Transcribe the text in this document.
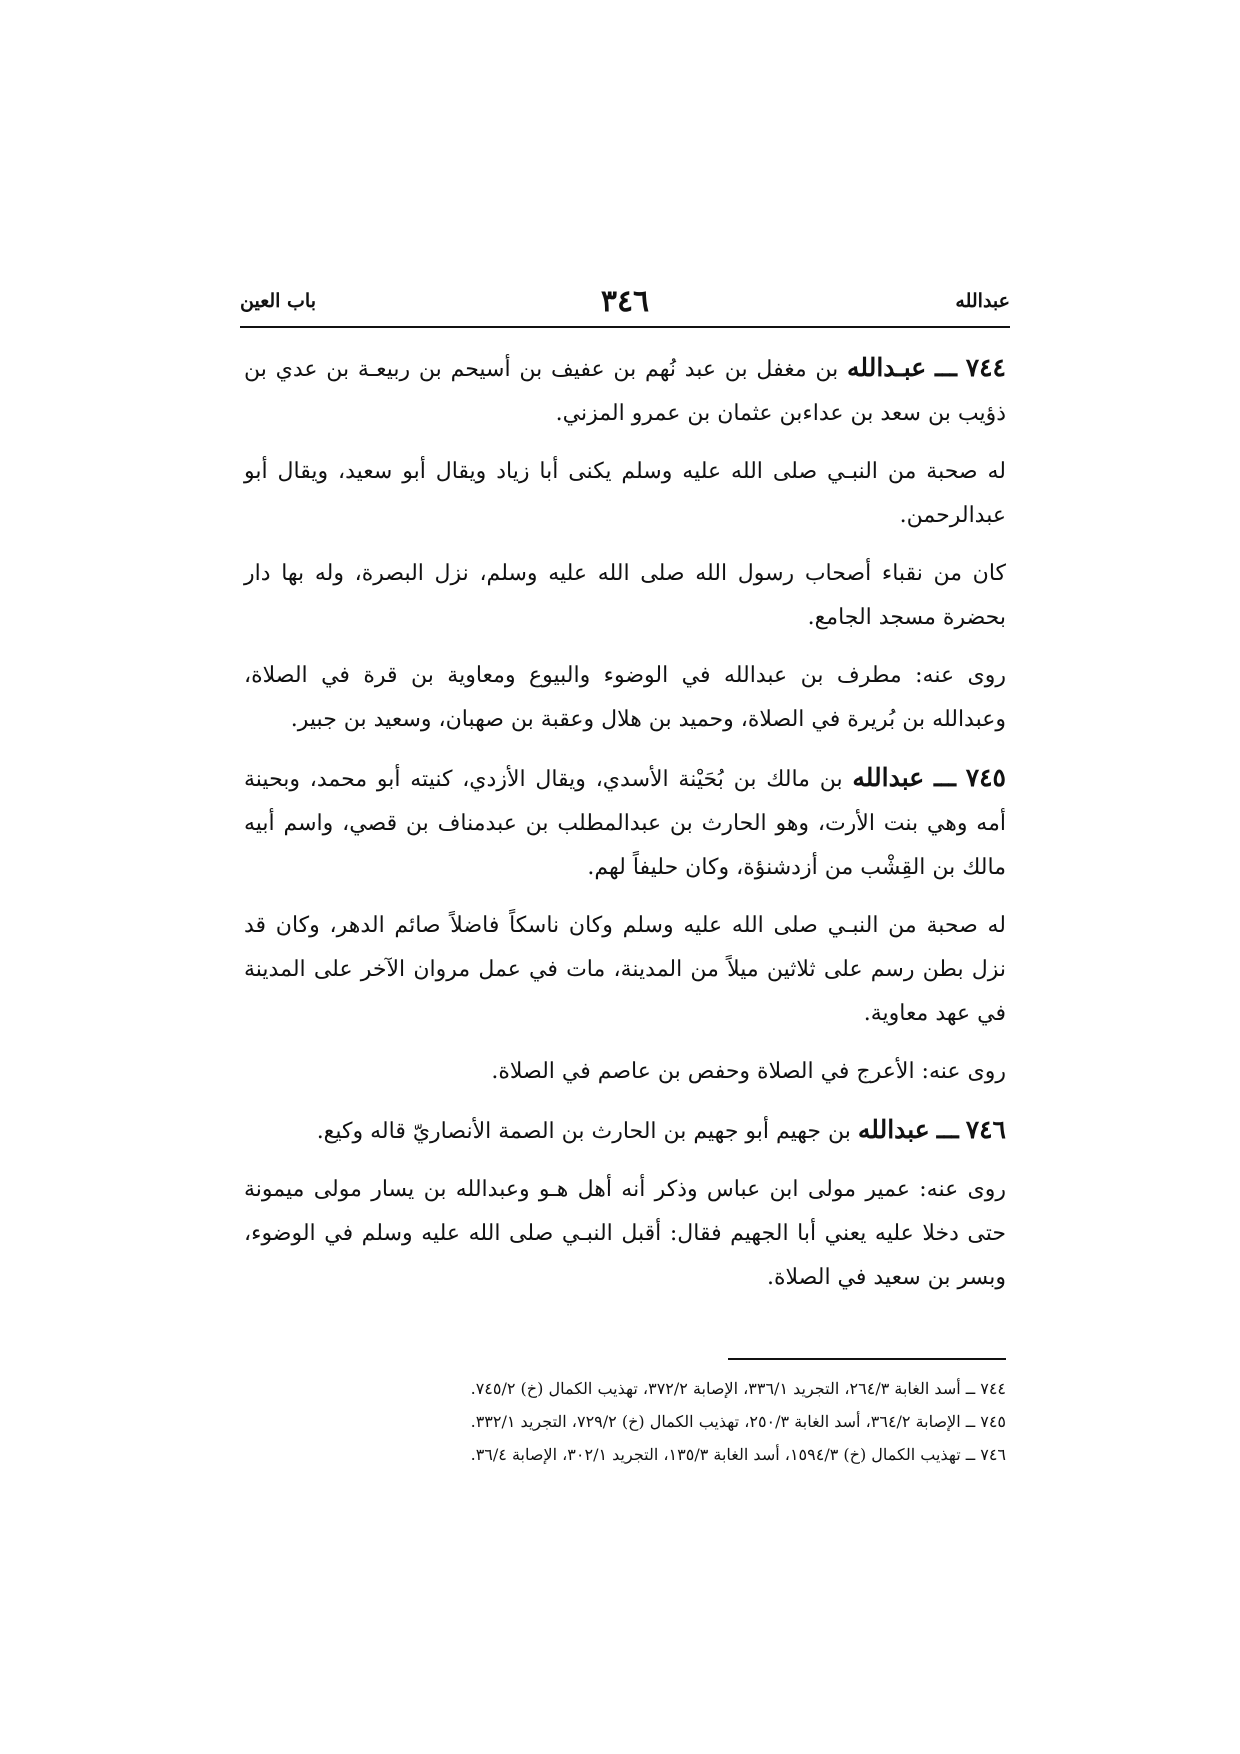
عبدالله
٣٤٦
باب العين

٧٤٤ ـــ عبـدالله بن مغفل بن عبد نُهم بن عفيف بن أسيحم بن ربيعـة بن عدي بن ذؤيب بن سعد بن عداءبن عثمان بن عمرو المزني.

له صحبة من النبـي صلى الله عليه وسلم يكنى أبا زياد ويقال أبو سعيد، ويقال أبو عبدالرحمن.

كان من نقباء أصحاب رسول الله صلى الله عليه وسلم، نزل البصرة، وله بها دار بحضرة مسجد الجامع.

روى عنه: مطرف بن عبدالله في الوضوء والبيوع ومعاوية بن قرة في الصلاة، وعبدالله بن بُريرة في الصلاة، وحميد بن هلال وعقبة بن صهبان، وسعيد بن جبير.

٧٤٥ ـــ عبدالله بن مالك بن بُحَيْنة الأسدي، ويقال الأزدي، كنيته أبو محمد، وبحينة أمه وهي بنت الأرت، وهو الحارث بن عبدالمطلب بن عبدمناف بن قصي، واسم أبيه مالك بن القِشْب من أزدشنؤة، وكان حليفاً لهم.

له صحبة من النبـي صلى الله عليه وسلم وكان ناسكاً فاضلاً صائم الدهر، وكان قد نزل بطن رسم على ثلاثين ميلاً من المدينة، مات في عمل مروان الآخر على المدينة في عهد معاوية.

روى عنه: الأعرج في الصلاة وحفص بن عاصم في الصلاة.

٧٤٦ ـــ عبدالله بن جهيم أبو جهيم بن الحارث بن الصمة الأنصاريّ قاله وكيع.

روى عنه: عمير مولى ابن عباس وذكر أنه أهل هـو وعبدالله بن يسار مولى ميمونة حتى دخلا عليه يعني أبا الجهيم فقال: أقبل النبـي صلى الله عليه وسلم في الوضوء، وبسر بن سعيد في الصلاة.

٧٤٤ ــ أسد الغابة ٢٦٤/٣، التجريد ٣٣٦/١، الإصابة ٣٧٢/٢، تهذيب الكمال (خ) ٧٤٥/٢.
٧٤٥ ــ الإصابة ٣٦٤/٢، أسد الغابة ٢٥٠/٣، تهذيب الكمال (خ) ٧٢٩/٢، التجريد ٣٣٢/١.
٧٤٦ ــ تهذيب الكمال (خ) ١٥٩٤/٣، أسد الغابة ١٣٥/٣، التجريد ٣٠٢/١، الإصابة ٣٦/٤.
